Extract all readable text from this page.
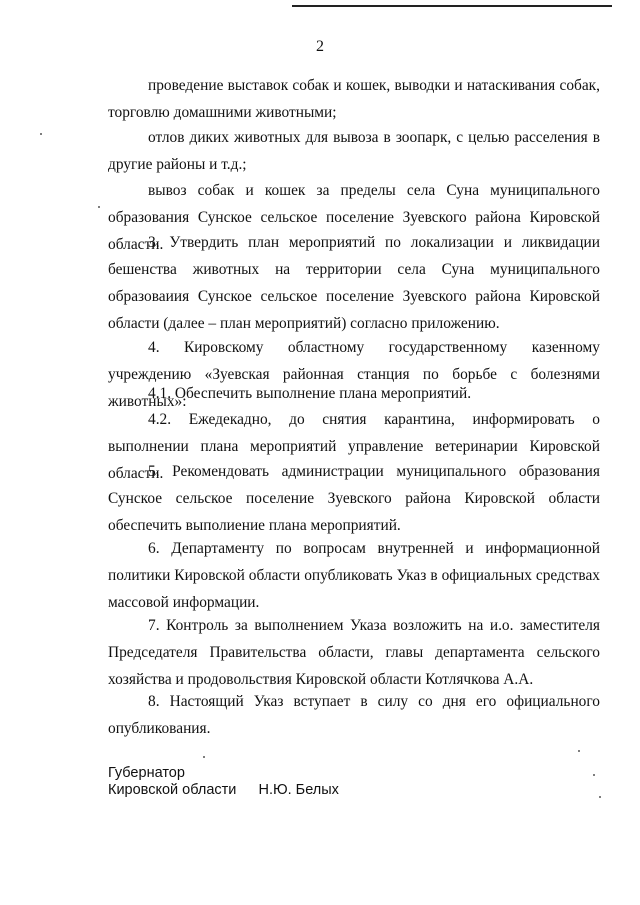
2

проведение выставок собак и кошек, выводки и натаскивания собак, торговлю домашними животными;

отлов диких животных для вывоза в зоопарк, с целью расселения в другие районы и т.д.;

вывоз собак и кошек за пределы села Суна муниципального образования Сунское сельское поселение Зуевского района Кировской области.

3. Утвердить план мероприятий по локализации и ликвидации бешенства животных на территории села Суна муниципального образоваиия Сунское сельское поселение Зуевского района Кировской области (далее – план мероприятий) согласно приложению.

4. Кировскому областному государственному казенному учреждению «Зуевская районная станция по борьбе с болезнями животных»:

4.1. Обеспечить выполнение плана мероприятий.

4.2. Ежедекадно, до снятия карантина, информировать о выполнении плана мероприятий управление ветеринарии Кировской области.

5. Рекомендовать администрации муниципального образования Сунское сельское поселение Зуевского района Кировской области обеспечить выполиение плана мероприятий.

6. Департаменту по вопросам внутренней и информационной политики Кировской области опубликовать Указ в официальных средствах массовой информации.

7. Контроль за выполнением Указа возложить на и.о. заместителя Председателя Правительства области, главы департамента сельского хозяйства и продовольствия Кировской области Котлячкова А.А.

8. Настоящий Указ вступает в силу со дня его официального опубликования.

Губернатор
Кировской области Н.Ю. Белых
